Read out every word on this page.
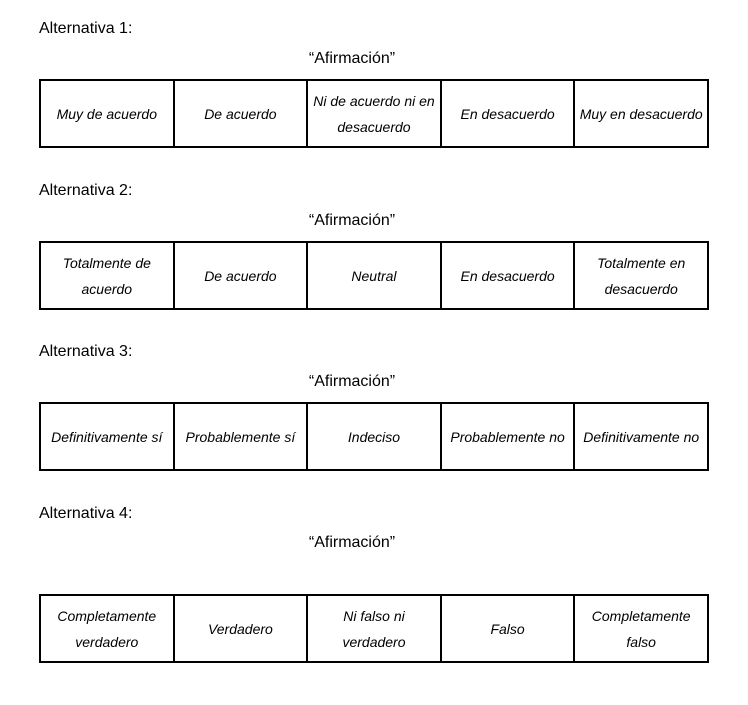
Alternativa 1:
“Afirmación”
Muy de acuerdo	De acuerdo	Ni de acuerdo ni en desacuerdo	En desacuerdo	Muy en desacuerdo
Alternativa 2:
“Afirmación”
Totalmente de acuerdo	De acuerdo	Neutral	En desacuerdo	Totalmente en desacuerdo
Alternativa 3:
“Afirmación”
Definitivamente sí	Probablemente sí	Indeciso	Probablemente no	Definitivamente no
Alternativa 4:
“Afirmación”
Completamente verdadero	Verdadero	Ni falso ni verdadero	Falso	Completamente falso
